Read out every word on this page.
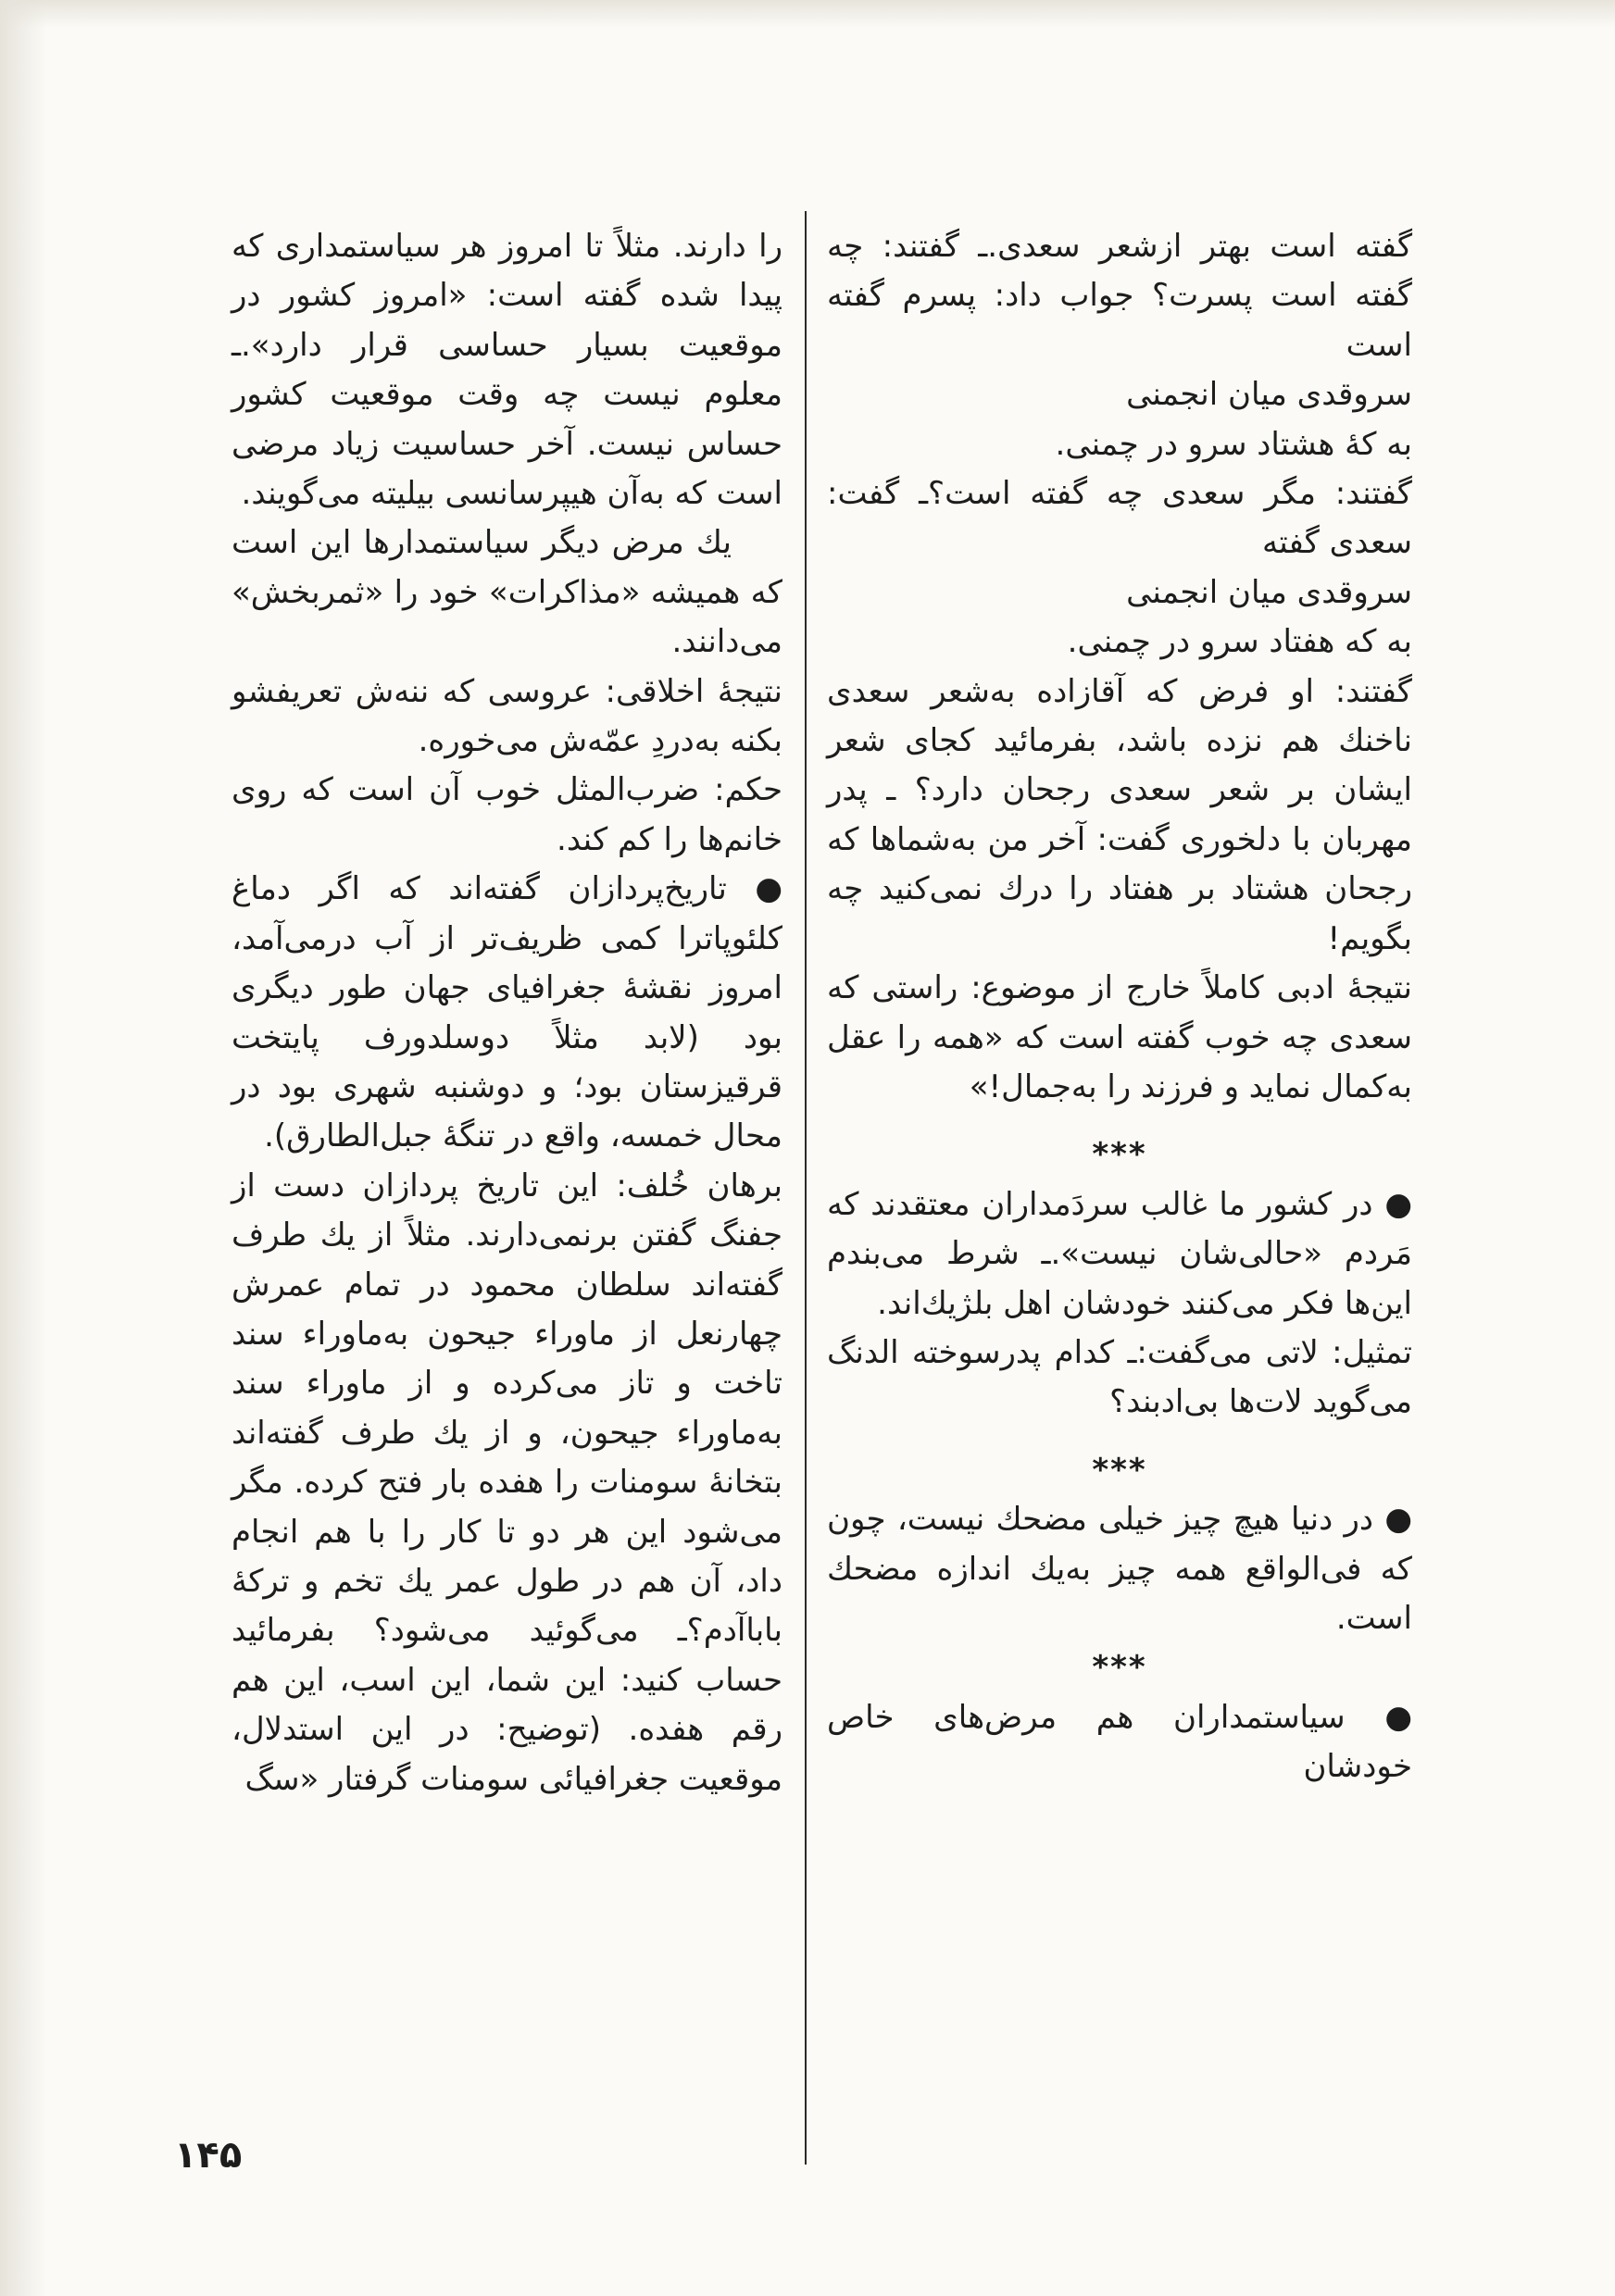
گفته است بهتر ازشعر سعدی.ـ گفتند: چه گفته است پسرت؟ جواب داد: پسرم گفته است

سروقدی میان انجمنی

به کهٔ هشتاد سرو در چمنی.

گفتند: مگر سعدی چه گفته است؟ـ گفت: سعدی گفته

سروقدی میان انجمنی

به که هفتاد سرو در چمنی.

گفتند: او فرض که آقازاده به‌شعر سعدی ناخنك هم نزده باشد، بفرمائید کجای شعر ایشان بر شعر سعدی رجحان دارد؟ ـ پدر مهربان با دلخوری گفت: آخر من به‌شماها که رجحان هشتاد بر هفتاد را درك نمی‌کنید چه بگویم!

نتیجهٔ ادبی کاملاً خارج از موضوع: راستی که سعدی چه خوب گفته است که «همه را عقل به‌کمال نماید و فرزند را به‌جمال!»

***

● در کشور ما غالب سردَمداران معتقدند که مَردم «حالی‌شان نیست».ـ شرط می‌بندم این‌ها فکر می‌کنند خودشان اهل بلژیك‌اند.

تمثیل: لاتی می‌گفت:ـ کدام پدرسوخته الدنگ می‌گوید لات‌ها بی‌ادبند؟

***

● در دنیا هیچ چیز خیلی مضحك نیست، چون که فی‌الواقع همه چیز به‌یك اندازه مضحك است.

***

● سیاستمداران هم مرض‌های خاص خودشان

را دارند. مثلاً تا امروز هر سیاستمداری که پیدا شده گفته است: «امروز کشور در موقعیت بسیار حساسی قرار دارد».ـ معلوم نیست چه وقت موقعیت کشور حساس نیست. آخر حساسیت زیاد مرضی است که به‌آن هیپرسانسی بیلیته می‌گویند.

یك مرض دیگر سیاستمدارها این است که همیشه «مذاکرات» خود را «ثمربخش» می‌دانند.

نتیجهٔ اخلاقی: عروسی که ننه‌ش تعریفشو بکنه به‌دردِ عمّه‌ش می‌خوره.

حکم: ضرب‌المثل خوب آن است که روی خانم‌ها را کم کند.

● تاریخ‌پردازان گفته‌اند که اگر دماغ کلئوپاترا کمی ظریف‌تر از آب درمی‌آمد، امروز نقشهٔ جغرافیای جهان طور دیگری بود (لابد مثلاً دوسلدورف پایتخت قرقیزستان بود؛ و دوشنبه شهری بود در محال خمسه، واقع در تنگهٔ جبل‌الطارق).

برهان خُلف: این تاریخ پردازان دست از جفنگ گفتن برنمی‌دارند. مثلاً از یك طرف گفته‌اند سلطان محمود در تمام عمرش چهارنعل از ماوراء جیحون به‌ماوراء سند تاخت و تاز می‌کرده و از ماوراء سند به‌ماوراء جیحون، و از یك طرف گفته‌اند بتخانهٔ سومنات را هفده بار فتح کرده. مگر می‌شود این هر دو تا کار را با هم انجام داد، آن هم در طول عمر یك تخم و ترکهٔ باباآدم؟ـ می‌گوئید می‌شود؟ بفرمائید حساب کنید: این شما، این اسب، این هم رقم هفده. (توضیح: در این استدلال، موقعیت جغرافیائی سومنات گرفتار «سگ

۱۴۵
